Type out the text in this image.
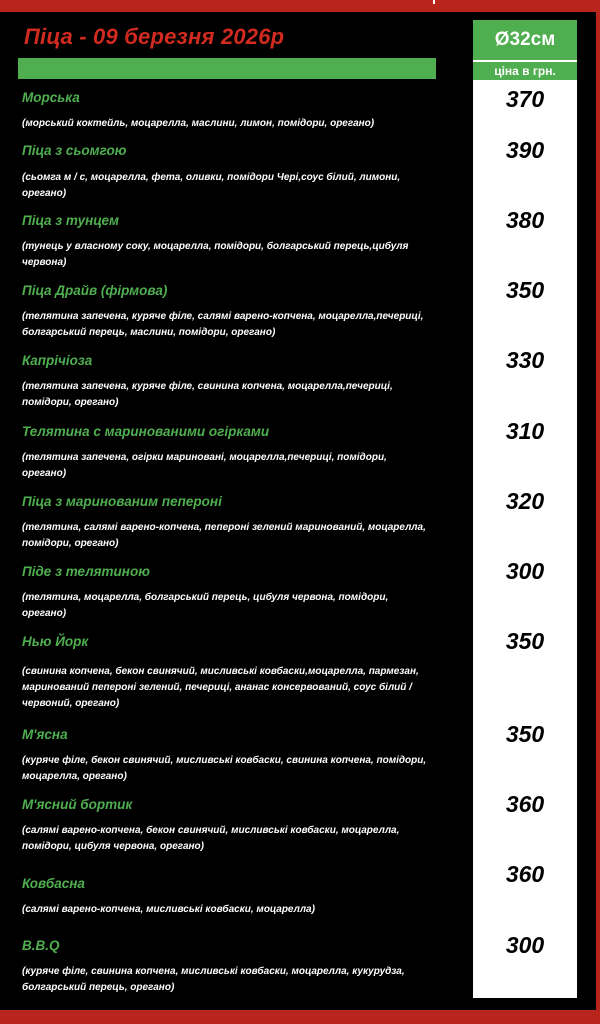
Піца - 09 березня 2026р	Ø32см
ціна в грн.
Морська
(морський коктейль, моцарелла, маслини, лимон, помідори, орегано)
370
Піца з сьомгою
(сьомга м / с, моцарелла, фета, оливки, помідори Чері,соус білий, лимони, орегано)
390
Піца з тунцем
(тунець у власному соку, моцарелла, помідори, болгарський перець,цибуля червона)
380
Піца Драйв (фірмова)
(телятина запечена, куряче філе, салямі варено-копчена, моцарелла,печериці, болгарський перець, маслини, помідори, орегано)
350
Капрічіоза
(телятина запечена, куряче філе, свинина копчена, моцарелла,печериці, помідори, орегано)
330
Телятина с маринованими огірками
(телятина запечена, огірки мариновані, моцарелла,печериці, помідори, орегано)
310
Піца з маринованим пепероні
(телятина, салямі варено-копчена, пепероні зелений маринований, моцарелла, помідори, орегано)
320
Піде з телятиною
(телятина, моцарелла, болгарський перець, цибуля червона, помідори, орегано)
300
Нью Йорк
(свинина копчена, бекон свинячий, мисливські ковбаски,моцарелла, пармезан, маринований пепероні зелений, печериці, ананас консервований, соус білий / червоний, орегано)
350
М'ясна
(куряче філе, бекон свинячий, мисливські ковбаски, свинина копчена, помідори, моцарелла, орегано)
350
М'ясний бортик
(салямі варено-копчена, бекон свинячий, мисливські ковбаски, моцарелла, помідори, цибуля червона, орегано)
360
Ковбасна
(салямі варено-копчена, мисливські ковбаски, моцарелла)
360
B.B.Q
(куряче філе, свинина копчена, мисливські ковбаски, моцарелла, кукурудза, болгарський перець, орегано)
300
